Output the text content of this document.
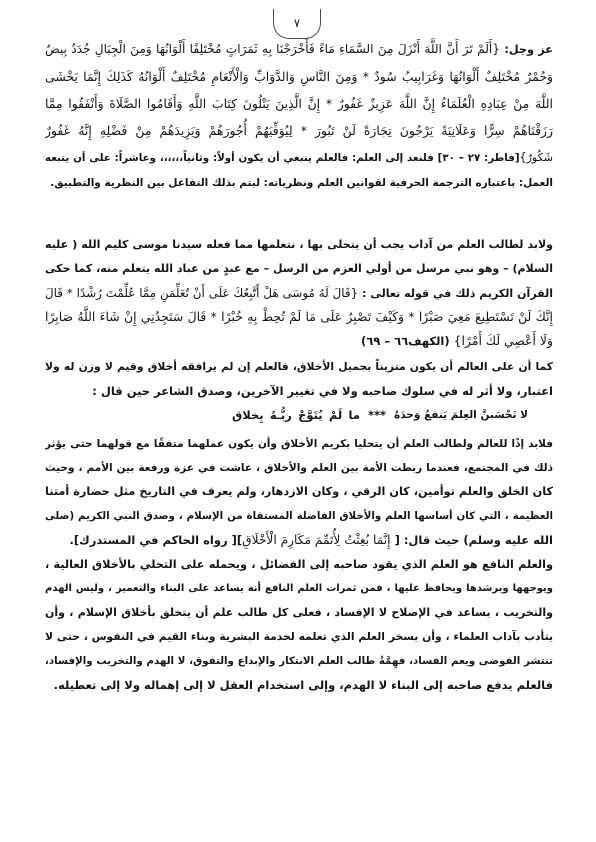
٧
عز وجل: {أَلَمْ تَرَ أَنَّ اللَّهَ أَنْزَلَ مِنَ السَّمَاءِ مَاءً فَأَخْرَجْنَا بِهِ ثَمَرَاتٍ مُخْتَلِفًا أَلْوَانُهَا وَمِنَ الْجِبَالِ جُدَدٌ بِيضٌ
وَحُمْرٌ مُخْتَلِفٌ أَلْوَانُهَا وَغَرَابِيبُ سُودٌ * وَمِنَ النَّاسِ وَالدَّوَابِّ وَالْأَنْعَامِ مُخْتَلِفٌ أَلْوَانُهُ كَذَلِكَ إِنَّمَا يَخْشَى
اللَّهَ مِنْ عِبَادِهِ الْعُلَمَاءُ إِنَّ اللَّهَ عَزِيزٌ غَفُورٌ * إِنَّ الَّذِينَ يَتْلُونَ كِتَابَ اللَّهِ وَأَقَامُوا الصَّلَاةَ وَأَنْفَقُوا مِمَّا
رَزَقْنَاهُمْ سِرًّا وَعَلَانِيَةً يَرْجُونَ تِجَارَةً لَنْ تَبُورَ * لِيُوَفِّيَهُمْ أُجُورَهُمْ وَيَزِيدَهُمْ مِنْ فَضْلِهِ إِنَّهُ غَفُورٌ
شَكُورٌ}[فاطر: ٢٧ – ٣٠] فلنعد إلى العلم: فالعلم ينبغي أن يكون أولاً: وثانياً،،،،،، وعاشراً: على أن يتبعه
العمل: باعتباره الترجمة الحرفية لقوانين العلم ونظرياته: ليتم بذلك التفاعل بين النظرية والتطبيق.
ولابد لطالب العلم من آداب يجب أن يتحلى بها ، نتعلمها مما فعله سيدنا موسى كليم الله ( عليه
السلام) – وهو نبي مرسل من أولي العزم من الرسل – مع عبدٍ من عباد الله يتعلم منه، كما حكى
القرآن الكريم ذلك في قوله تعالى : {قَالَ لَهُ مُوسَى هَلْ أَتَّبِعُكَ عَلَى أَنْ تُعَلِّمَنِ مِمَّا عُلِّمْتَ رُشْدًا * قَالَ
إِنَّكَ لَنْ تَسْتَطِيعَ مَعِيَ صَبْرًا * وَكَيْفَ تَصْبِرُ عَلَى مَا لَمْ تُحِطْ بِهِ خُبْرًا * قَالَ سَتَجِدُنِي إِنْ شَاءَ اللَّهُ صَابِرًا
وَلَا أَعْصِي لَكَ أَمْرًا} (الكهف٦٦ – ٦٩)
كما أن على العالم أن يكون متزيناً بجميل الأخلاق، فالعلم إن لم يرافقه أخلاق وقيم لا وزن له ولا
اعتبار، ولا أثر له في سلوك صاحبه ولا في تغيير الآخرين، وصدق الشاعر حين قال :
لا تَحْسَبنَّ العِلمَ يَنفعُ وَحدَهُ
***
ما لَمْ يُتَوَّجْ ربُّـهُ بِخلاق
فلابد إذًا للعالم ولطالب العلم أن يتحليا بكريم الأخلاق وأن يكون عملهما متفقًا مع قولهما حتى يؤثر
ذلك في المجتمع، فعندما ربطت الأمة بين العلم والأخلاق ، عاشت في عزة ورفعة بين الأمم ، وحيث
كان الخلق والعلم توأمين، كان الرقي ، وكان الازدهار، ولم يعرف في التاريخ مثل حضارة أمتنا
العظيمة ، التي كان أساسها العلم والأخلاق الفاضلة المستقاة من الإسلام ، وصدق النبي الكريم (صلى
الله عليه وسلم) حيث قال: [ إِنَّمَا بُعِثْتُ لِأُتَمِّمَ مَكَارِمَ الْأَخْلَاقِ][ رواه الحاكم في المستدرك].
والعلم النافع هو العلم الذي يقود صاحبه إلى الفضائل ، ويحمله على التحلي بالأخلاق العالية ،
ويوجهها ويرشدها ويحافظ عليها ، فمن ثمرات العلم النافع أنه يساعد على البناء والتعمير ، وليس الهدم
والتخريب ، يساعد في الإصلاح لا الإفساد ، فعلى كل طالب علم أن يتخلق بأخلاق الإسلام ، وأن
يتأدب بآداب العلماء ، وأن يسخر العلم الذي تعلمه لخدمة البشرية وبناء القيم في النفوس ، حتى لا
تنتشر الفوضى ويعم الفساد، فهِمَّةُ طالب العلم الابتكار والإبداع والتفوق، لا الهدم والتخريب والإفساد،
فالعلم يدفع صاحبه إلى البناء لا الهدم، وإلى استخدام العقل لا إلى إهماله ولا إلى تعطيله.
